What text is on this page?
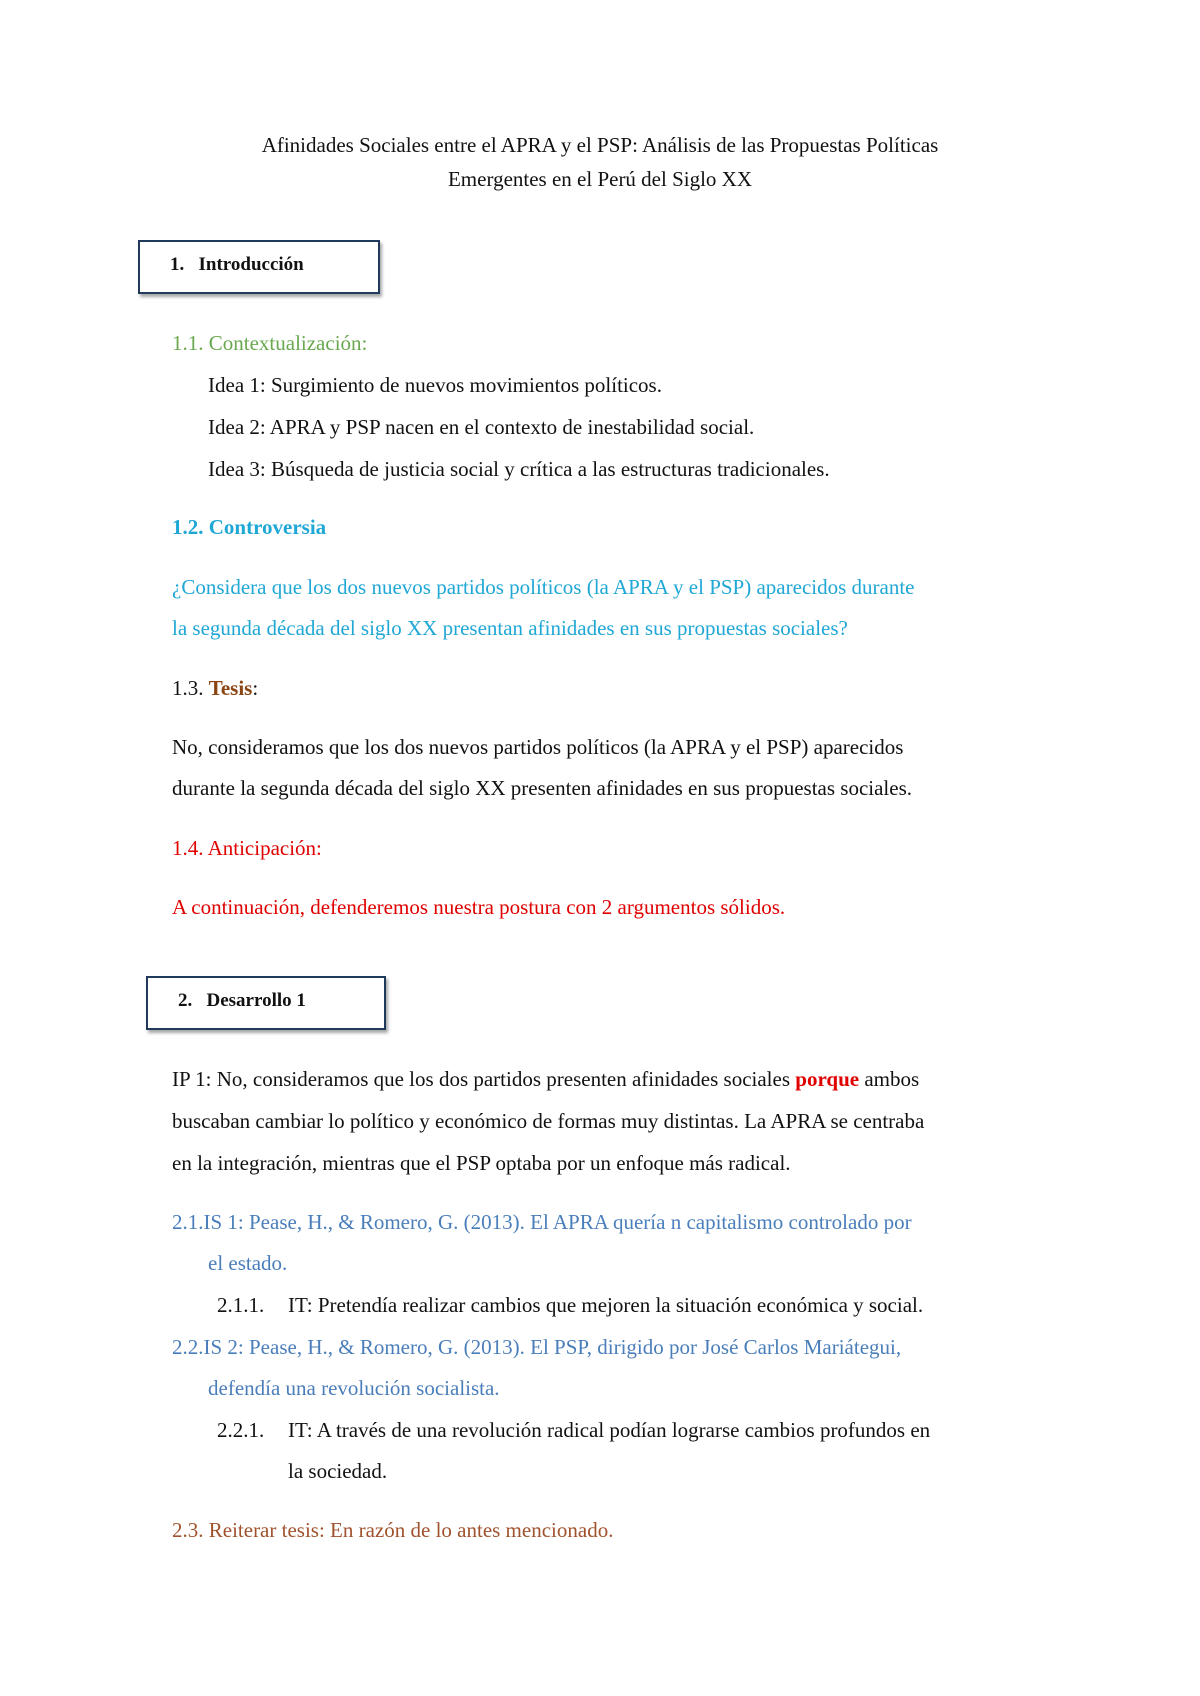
Afinidades Sociales entre el APRA y el PSP: Análisis de las Propuestas Políticas
Emergentes en el Perú del Siglo XX
1.   Introducción
1.1. Contextualización:
Idea 1: Surgimiento de nuevos movimientos políticos.
Idea 2: APRA y PSP nacen en el contexto de inestabilidad social.
Idea 3: Búsqueda de justicia social y crítica a las estructuras tradicionales.
1.2. Controversia
¿Considera que los dos nuevos partidos políticos (la APRA y el PSP) aparecidos durante
la segunda década del siglo XX presentan afinidades en sus propuestas sociales?
1.3. Tesis:
No, consideramos que los dos nuevos partidos políticos (la APRA y el PSP) aparecidos
durante la segunda década del siglo XX presenten afinidades en sus propuestas sociales.
1.4. Anticipación:
A continuación, defenderemos nuestra postura con 2 argumentos sólidos.
2.   Desarrollo 1
IP 1: No, consideramos que los dos partidos presenten afinidades sociales porque ambos
buscaban cambiar lo político y económico de formas muy distintas. La APRA se centraba
en la integración, mientras que el PSP optaba por un enfoque más radical.
2.1.IS 1: Pease, H., & Romero, G. (2013). El APRA quería n capitalismo controlado por
el estado.
2.1.1. IT: Pretendía realizar cambios que mejoren la situación económica y social.
2.2.IS 2: Pease, H., & Romero, G. (2013). El PSP, dirigido por José Carlos Mariátegui,
defendía una revolución socialista.
2.2.1. IT: A través de una revolución radical podían lograrse cambios profundos en
la sociedad.
2.3. Reiterar tesis: En razón de lo antes mencionado.
